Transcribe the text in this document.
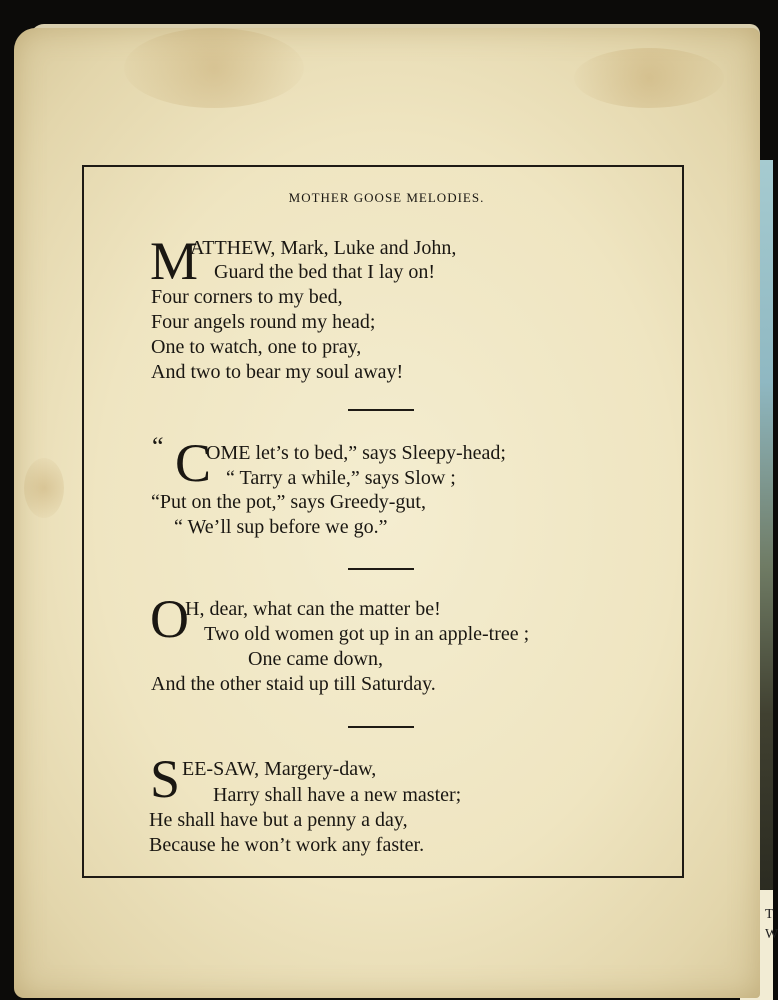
T
W
MOTHER GOOSE MELODIES.
M
ATTHEW, Mark, Luke and John,
Guard the bed that I lay on!
Four corners to my bed,
Four angels round my head;
One to watch, one to pray,
And two to bear my soul away!
“ C
OME let’s to bed,” says Sleepy-head;
“ Tarry a while,” says Slow ;
“Put on the pot,” says Greedy-gut,
“ We’ll sup before we go.”
O
H, dear, what can the matter be!
Two old women got up in an apple-tree ;
One came down,
And the other staid up till Saturday.
S EE-SAW, Margery-daw,
Harry shall have a new master;
He shall have but a penny a day,
Because he won’t work any faster.
